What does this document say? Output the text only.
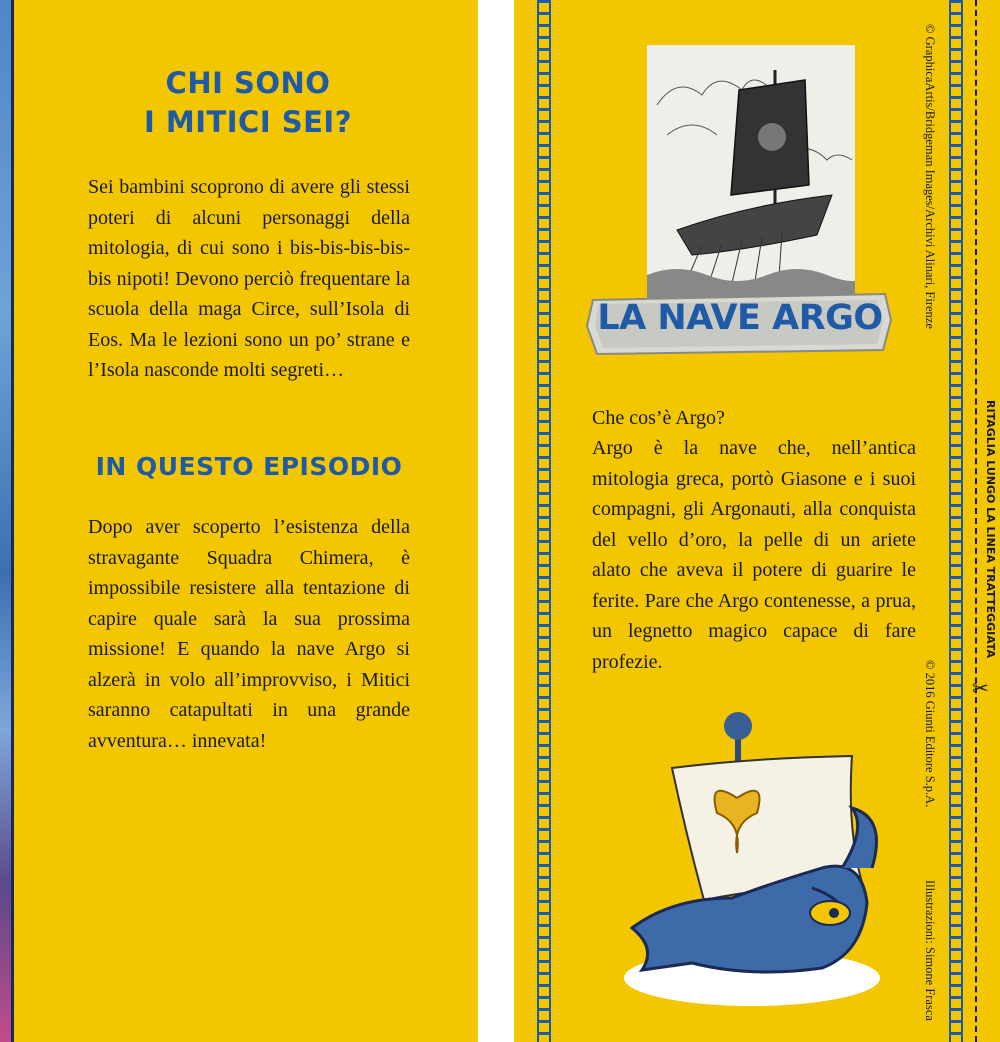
CHI SONO
I MITICI SEI?
Sei bambini scoprono di avere gli stessi poteri di alcuni personaggi della mitologia, di cui sono i bis-bis-bis-bis-bis nipoti! Devono perciò frequentare la scuola della maga Circe, sull’Isola di Eos. Ma le lezioni sono un po’ strane e l’Isola nasconde molti segreti…
IN QUESTO EPISODIO
Dopo aver scoperto l’esistenza della stravagante Squadra Chimera, è impossibile resistere alla tentazione di capire quale sarà la sua prossima missione! E quando la nave Argo si alzerà in volo all’improvviso, i Mitici saranno catapultati in una grande avventura… innevata!
LA NAVE ARGO
Che cos’è Argo?
Argo è la nave che, nell’antica mitologia greca, portò Giasone e i suoi compagni, gli Argonauti, alla conquista del vello d’oro, la pelle di un ariete alato che aveva il potere di guarire le ferite. Pare che Argo contenesse, a prua, un legnetto magico capace di fare profezie.
© GraphicaArtis/Bridgeman Images/Archivi Alinari, Firenze
© 2016 Giunti Editore S.p.A.
Illustrazioni: Simone Frasca
RITAGLIA LUNGO LA LINEA TRATTEGGIATA
✂
